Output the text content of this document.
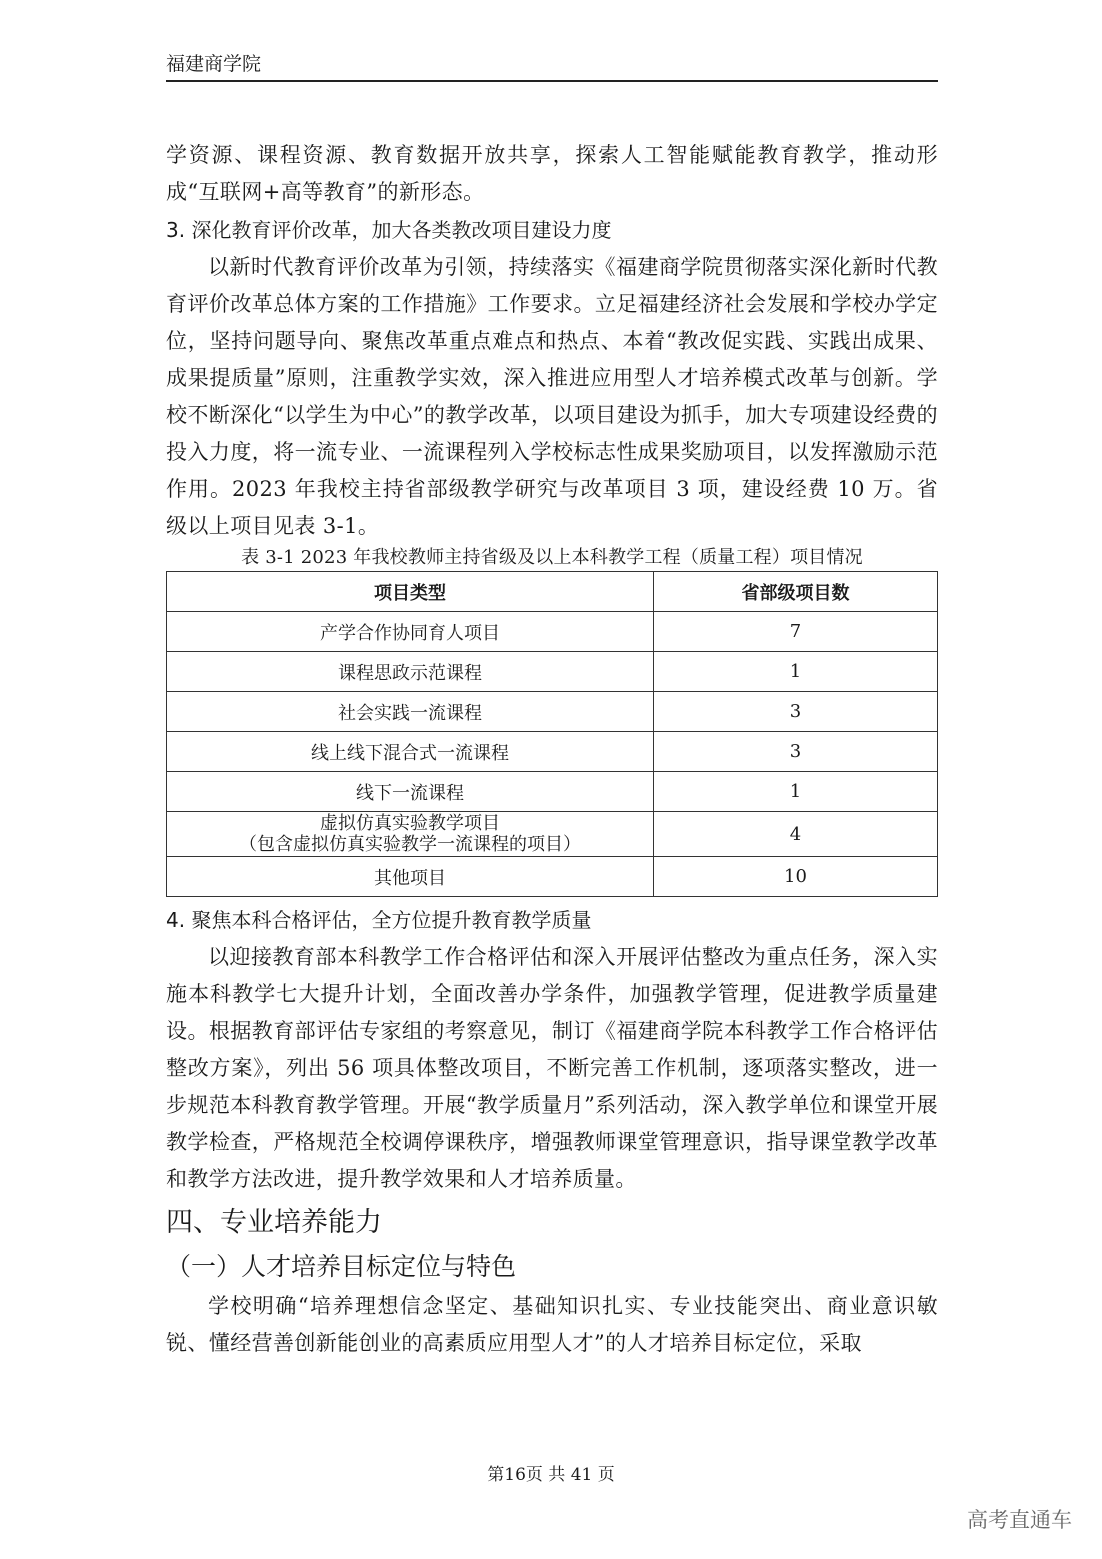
福建商学院

学资源、课程资源、教育数据开放共享，探索人工智能赋能教育教学，推动形成“互联网+高等教育”的新形态。

3. 深化教育评价改革，加大各类教改项目建设力度

以新时代教育评价改革为引领，持续落实《福建商学院贯彻落实深化新时代教育评价改革总体方案的工作措施》工作要求。立足福建经济社会发展和学校办学定位，坚持问题导向、聚焦改革重点难点和热点、本着“教改促实践、实践出成果、成果提质量”原则，注重教学实效，深入推进应用型人才培养模式改革与创新。学校不断深化“以学生为中心”的教学改革，以项目建设为抓手，加大专项建设经费的投入力度，将一流专业、一流课程列入学校标志性成果奖励项目，以发挥激励示范作用。2023 年我校主持省部级教学研究与改革项目 3 项，建设经费 10 万。省级以上项目见表 3-1。

表 3-1 2023 年我校教师主持省级及以上本科教学工程（质量工程）项目情况

项目类型	省部级项目数
产学合作协同育人项目	7
课程思政示范课程	1
社会实践一流课程	3
线上线下混合式一流课程	3
线下一流课程	1

虚拟仿真实验教学项目
（包含虚拟仿真实验教学一流课程的项目）	4
其他项目	10

4. 聚焦本科合格评估，全方位提升教育教学质量

以迎接教育部本科教学工作合格评估和深入开展评估整改为重点任务，深入实施本科教学七大提升计划，全面改善办学条件，加强教学管理，促进教学质量建设。根据教育部评估专家组的考察意见，制订《福建商学院本科教学工作合格评估整改方案》，列出 56 项具体整改项目，不断完善工作机制，逐项落实整改，进一步规范本科教育教学管理。开展“教学质量月”系列活动，深入教学单位和课堂开展教学检查，严格规范全校调停课秩序，增强教师课堂管理意识，指导课堂教学改革和教学方法改进，提升教学效果和人才培养质量。

四、专业培养能力

（一）人才培养目标定位与特色

学校明确“培养理想信念坚定、基础知识扎实、专业技能突出、商业意识敏锐、懂经营善创新能创业的高素质应用型人才”的人才培养目标定位，采取

第16页 共 41 页
高考直通车
